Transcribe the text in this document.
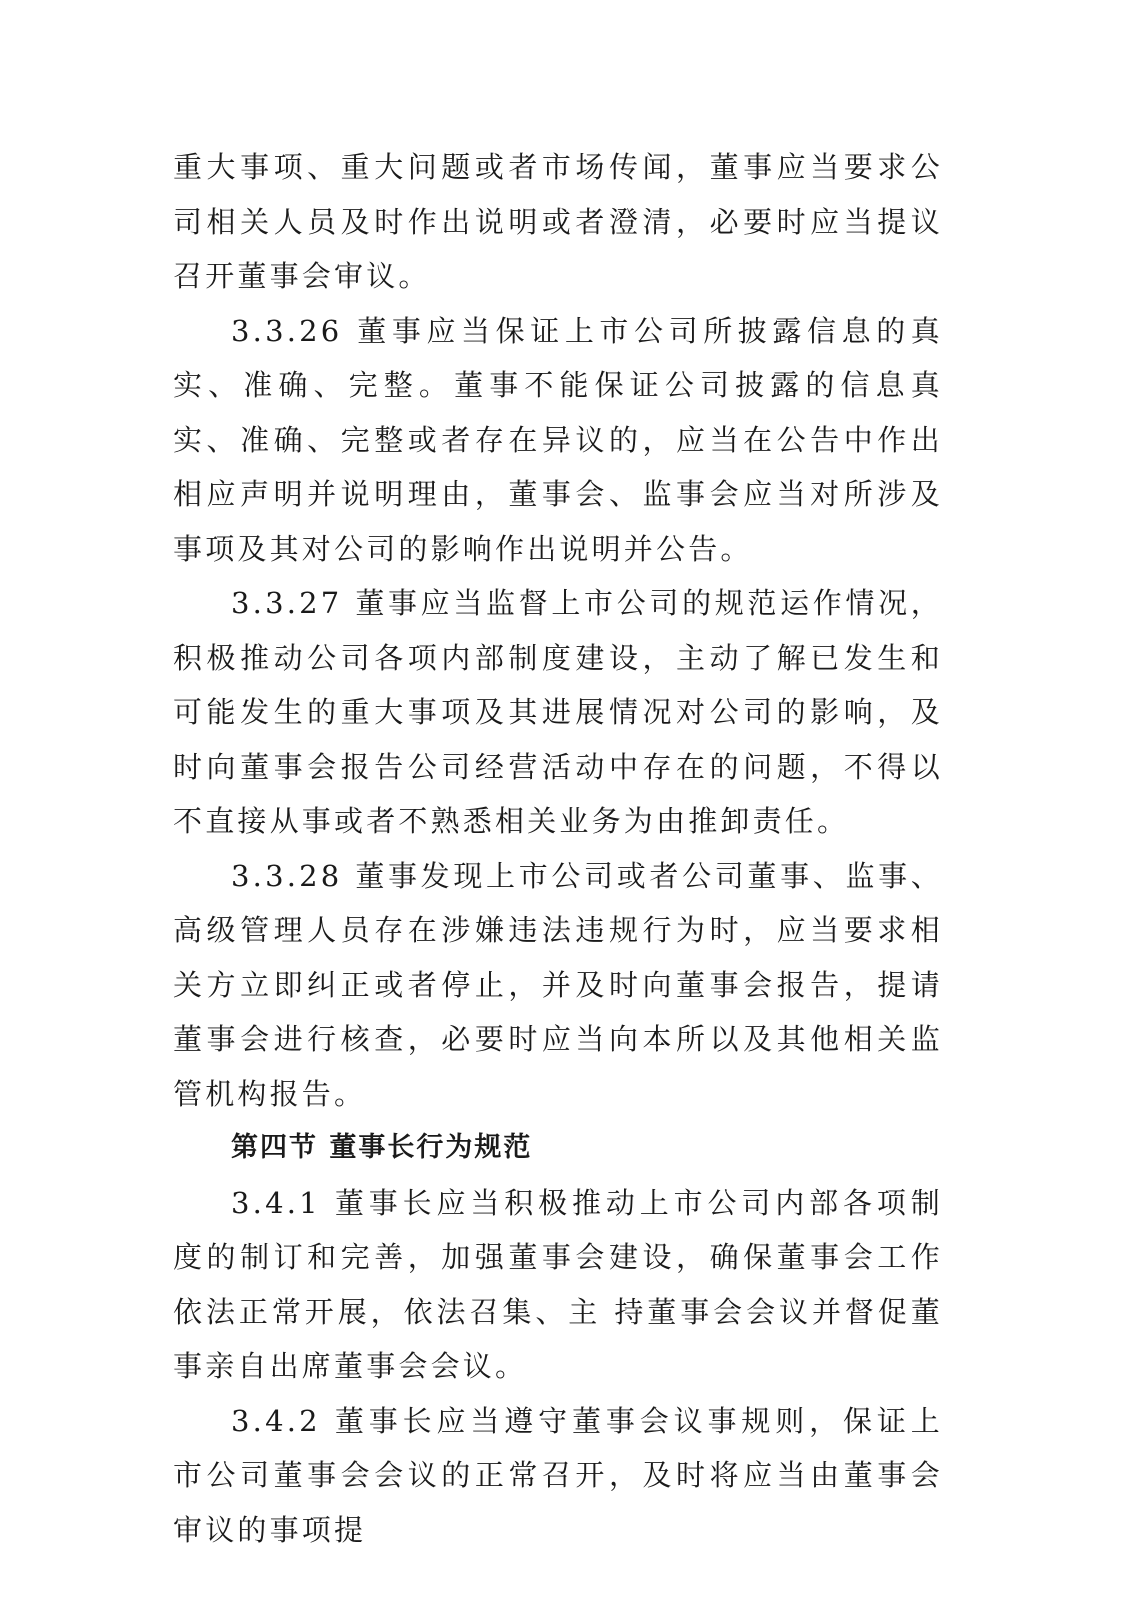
重大事项、重大问题或者市场传闻，董事应当要求公司相关人员及时作出说明或者澄清，必要时应当提议召开董事会审议。

3.3.26 董事应当保证上市公司所披露信息的真实、准确、完整。董事不能保证公司披露的信息真实、准确、完整或者存在异议的，应当在公告中作出相应声明并说明理由，董事会、监事会应当对所涉及事项及其对公司的影响作出说明并公告。

3.3.27 董事应当监督上市公司的规范运作情况，积极推动公司各项内部制度建设，主动了解已发生和可能发生的重大事项及其进展情况对公司的影响，及时向董事会报告公司经营活动中存在的问题，不得以不直接从事或者不熟悉相关业务为由推卸责任。

3.3.28 董事发现上市公司或者公司董事、监事、高级管理人员存在涉嫌违法违规行为时，应当要求相关方立即纠正或者停止，并及时向董事会报告，提请董事会进行核查，必要时应当向本所以及其他相关监管机构报告。

第四节 董事长行为规范

3.4.1 董事长应当积极推动上市公司内部各项制度的制订和完善，加强董事会建设，确保董事会工作依法正常开展，依法召集、主 持董事会会议并督促董事亲自出席董事会会议。

3.4.2 董事长应当遵守董事会议事规则，保证上市公司董事会会议的正常召开，及时将应当由董事会审议的事项提
